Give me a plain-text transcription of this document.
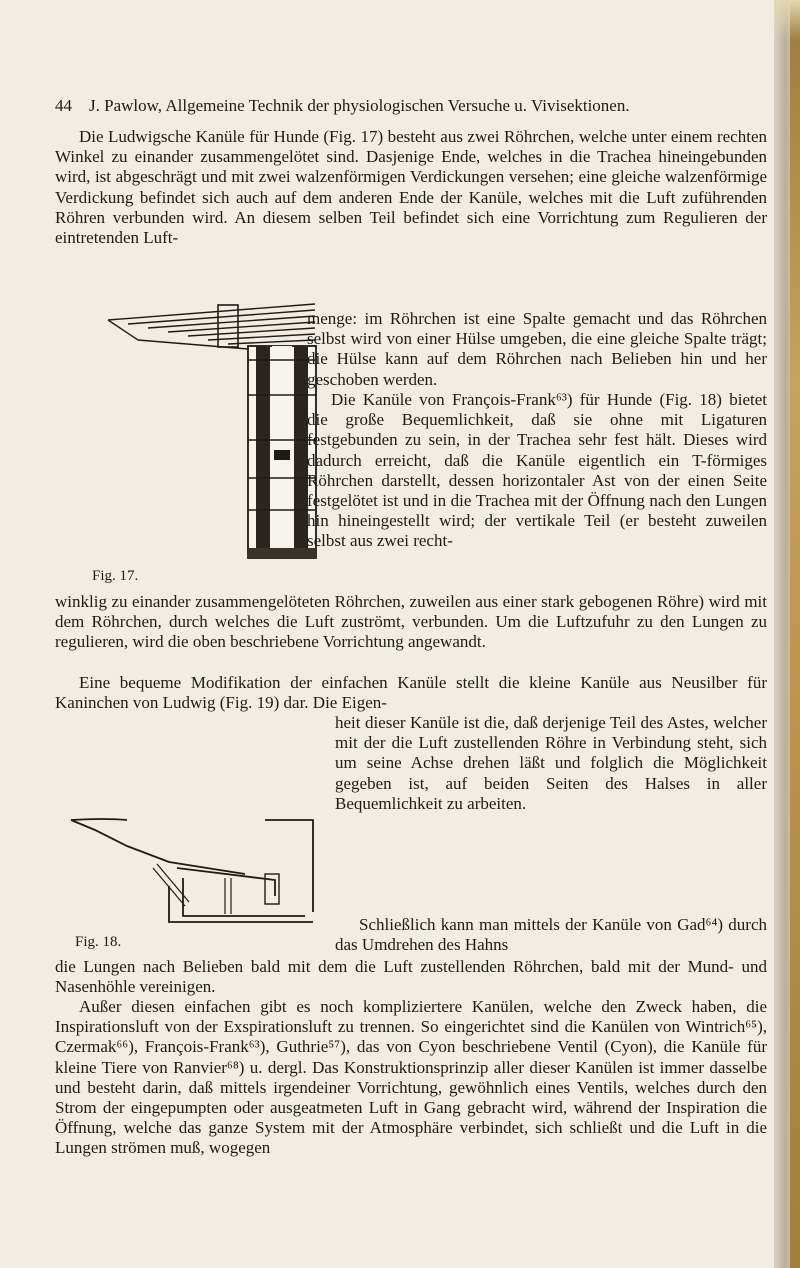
44 J. Pawlow, Allgemeine Technik der physiologischen Versuche u. Vivisektionen.
Die Ludwigsche Kanüle für Hunde (Fig. 17) besteht aus zwei Röhrchen, welche unter einem rechten Winkel zu einander zusammengelötet sind. Dasjenige Ende, welches in die Trachea hineingebunden wird, ist abgeschrägt und mit zwei walzenförmigen Verdickungen versehen; eine gleiche walzenförmige Verdickung befindet sich auch auf dem anderen Ende der Kanüle, welches mit die Luft zuführenden Röhren verbunden wird. An diesem selben Teil befindet sich eine Vorrichtung zum Regulieren der eintretenden Luft-
menge: im Röhrchen ist eine Spalte gemacht und das Röhrchen selbst wird von einer Hülse umgeben, die eine gleiche Spalte trägt; die Hülse kann auf dem Röhrchen nach Belieben hin und her geschoben werden.
Die Kanüle von François-Frank⁶³) für Hunde (Fig. 18) bietet die große Bequemlichkeit, daß sie ohne mit Ligaturen festgebunden zu sein, in der Trachea sehr fest hält. Dieses wird dadurch erreicht, daß die Kanüle eigentlich ein T-förmiges Röhrchen darstellt, dessen horizontaler Ast von der einen Seite festgelötet ist und in die Trachea mit der Öffnung nach den Lungen hin hineingestellt wird; der vertikale Teil (er besteht zuweilen selbst aus zwei recht-
Fig. 17.
winklig zu einander zusammengelöteten Röhrchen, zuweilen aus einer stark gebogenen Röhre) wird mit dem Röhrchen, durch welches die Luft zuströmt, verbunden. Um die Luftzufuhr zu den Lungen zu regulieren, wird die oben beschriebene Vorrichtung angewandt.
Eine bequeme Modifikation der einfachen Kanüle stellt die kleine Kanüle aus Neusilber für Kaninchen von Ludwig (Fig. 19) dar. Die Eigen-
heit dieser Kanüle ist die, daß derjenige Teil des Astes, welcher mit der die Luft zustellenden Röhre in Verbindung steht, sich um seine Achse drehen läßt und folglich die Möglichkeit gegeben ist, auf beiden Seiten des Halses in aller Bequemlichkeit zu arbeiten.
Fig. 18.
Schließlich kann man mittels der Kanüle von Gad⁶⁴) durch das Umdrehen des Hahns
die Lungen nach Belieben bald mit dem die Luft zustellenden Röhrchen, bald mit der Mund- und Nasenhöhle vereinigen.
Außer diesen einfachen gibt es noch kompliziertere Kanülen, welche den Zweck haben, die Inspirationsluft von der Exspirationsluft zu trennen. So eingerichtet sind die Kanülen von Wintrich⁶⁵), Czermak⁶⁶), François-Frank⁶³), Guthrie⁵⁷), das von Cyon beschriebene Ventil (Cyon), die Kanüle für kleine Tiere von Ranvier⁶⁸) u. dergl. Das Konstruktionsprinzip aller dieser Kanülen ist immer dasselbe und besteht darin, daß mittels irgendeiner Vorrichtung, gewöhnlich eines Ventils, welches durch den Strom der eingepumpten oder ausgeatmeten Luft in Gang gebracht wird, während der Inspiration die Öffnung, welche das ganze System mit der Atmosphäre verbindet, sich schließt und die Luft in die Lungen strömen muß, wogegen
